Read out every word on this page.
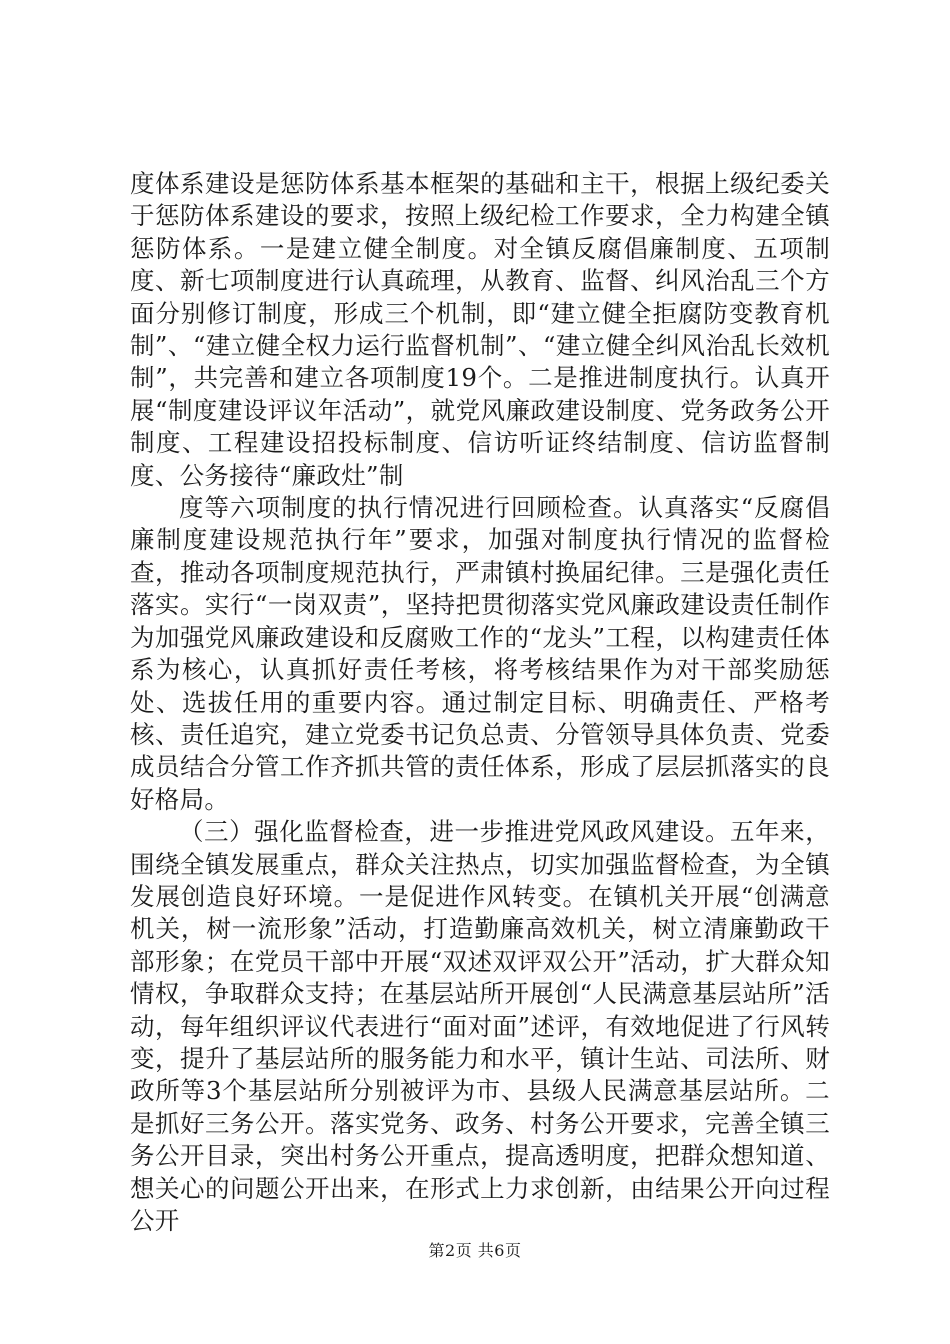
度体系建设是惩防体系基本框架的基础和主干，根据上级纪委关于惩防体系建设的要求，按照上级纪检工作要求，全力构建全镇惩防体系。一是建立健全制度。对全镇反腐倡廉制度、五项制度、新七项制度进行认真疏理，从教育、监督、纠风治乱三个方面分别修订制度，形成三个机制，即“建立健全拒腐防变教育机制”、“建立健全权力运行监督机制”、“建立健全纠风治乱长效机制”，共完善和建立各项制度19个。二是推进制度执行。认真开展“制度建设评议年活动”，就党风廉政建设制度、党务政务公开制度、工程建设招投标制度、信访听证终结制度、信访监督制度、公务接待“廉政灶”制

度等六项制度的执行情况进行回顾检查。认真落实“反腐倡廉制度建设规范执行年”要求，加强对制度执行情况的监督检查，推动各项制度规范执行，严肃镇村换届纪律。三是强化责任落实。实行“一岗双责”，坚持把贯彻落实党风廉政建设责任制作为加强党风廉政建设和反腐败工作的“龙头”工程，以构建责任体系为核心，认真抓好责任考核，将考核结果作为对干部奖励惩处、选拔任用的重要内容。通过制定目标、明确责任、严格考核、责任追究，建立党委书记负总责、分管领导具体负责、党委成员结合分管工作齐抓共管的责任体系，形成了层层抓落实的良好格局。

（三）强化监督检查，进一步推进党风政风建设。五年来，围绕全镇发展重点，群众关注热点，切实加强监督检查，为全镇发展创造良好环境。一是促进作风转变。在镇机关开展“创满意机关，树一流形象”活动，打造勤廉高效机关，树立清廉勤政干部形象；在党员干部中开展“双述双评双公开”活动，扩大群众知情权，争取群众支持；在基层站所开展创“人民满意基层站所”活动，每年组织评议代表进行“面对面”述评，有效地促进了行风转变，提升了基层站所的服务能力和水平，镇计生站、司法所、财政所等3个基层站所分别被评为市、县级人民满意基层站所。二是抓好三务公开。落实党务、政务、村务公开要求，完善全镇三务公开目录，突出村务公开重点，提高透明度，把群众想知道、想关心的问题公开出来，在形式上力求创新，由结果公开向过程公开

第2页 共6页
